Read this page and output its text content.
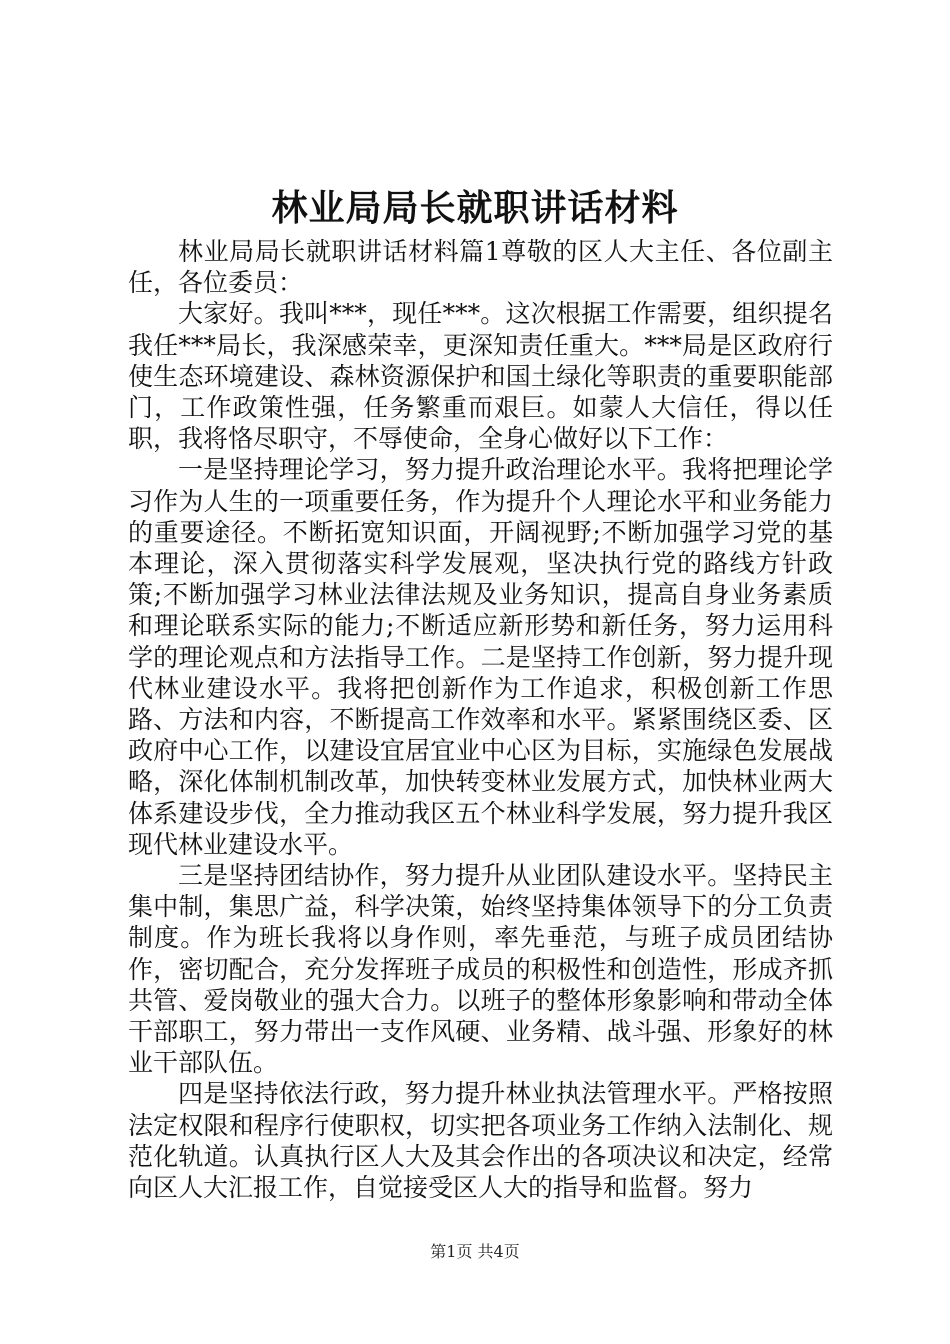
林业局局长就职讲话材料

林业局局长就职讲话材料篇1尊敬的区人大主任、各位副主任，各位委员：

大家好。我叫***，现任***。这次根据工作需要，组织提名我任***局长，我深感荣幸，更深知责任重大。***局是区政府行使生态环境建设、森林资源保护和国土绿化等职责的重要职能部门，工作政策性强，任务繁重而艰巨。如蒙人大信任，得以任职，我将恪尽职守，不辱使命，全身心做好以下工作：

一是坚持理论学习，努力提升政治理论水平。我将把理论学习作为人生的一项重要任务，作为提升个人理论水平和业务能力的重要途径。不断拓宽知识面，开阔视野;不断加强学习党的基本理论，深入贯彻落实科学发展观，坚决执行党的路线方针政策;不断加强学习林业法律法规及业务知识，提高自身业务素质和理论联系实际的能力;不断适应新形势和新任务，努力运用科学的理论观点和方法指导工作。二是坚持工作创新，努力提升现代林业建设水平。我将把创新作为工作追求，积极创新工作思路、方法和内容，不断提高工作效率和水平。紧紧围绕区委、区政府中心工作，以建设宜居宜业中心区为目标，实施绿色发展战略，深化体制机制改革，加快转变林业发展方式，加快林业两大体系建设步伐，全力推动我区五个林业科学发展，努力提升我区现代林业建设水平。

三是坚持团结协作，努力提升从业团队建设水平。坚持民主集中制，集思广益，科学决策，始终坚持集体领导下的分工负责制度。作为班长我将以身作则，率先垂范，与班子成员团结协作，密切配合，充分发挥班子成员的积极性和创造性，形成齐抓共管、爱岗敬业的强大合力。以班子的整体形象影响和带动全体干部职工，努力带出一支作风硬、业务精、战斗强、形象好的林业干部队伍。

四是坚持依法行政，努力提升林业执法管理水平。严格按照法定权限和程序行使职权，切实把各项业务工作纳入法制化、规范化轨道。认真执行区人大及其会作出的各项决议和决定，经常向区人大汇报工作，自觉接受区人大的指导和监督。努力

第1页 共4页
